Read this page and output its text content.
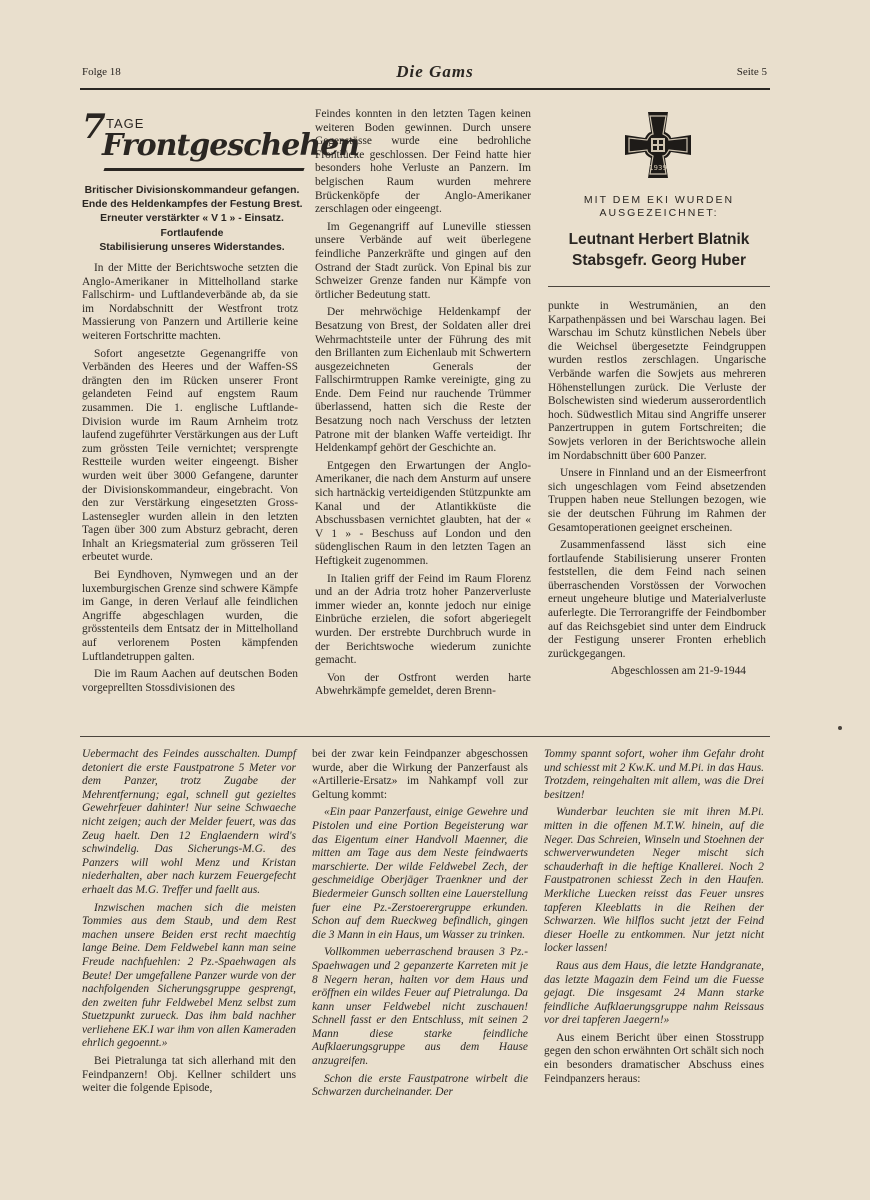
Folge 18	Die Gams	Seite 5
7 TAGE
Frontgeschehen
Britischer Divisionskommandeur gefangen.
Ende des Heldenkampfes der Festung Brest.
Erneuter verstärkter « V 1 » - Einsatz.
Fortlaufende
Stabilisierung unseres Widerstandes.

In der Mitte der Berichtswoche setzten die Anglo-Amerikaner in Mittelholland starke Fallschirm- und Luftlandeverbände ab, da sie im Nordabschnitt der Westfront trotz Massierung von Panzern und Artillerie keine weiteren Fortschritte machten.

Sofort angesetzte Gegenangriffe von Verbänden des Heeres und der Waffen-SS drängten den im Rücken unserer Front gelandeten Feind auf engstem Raum zusammen. Die 1. englische Luftlande-Division wurde im Raum Arnheim trotz laufend zugeführter Verstärkungen aus der Luft zum grössten Teile vernichtet; versprengte Restteile wurden weiter eingeengt. Bisher wurden weit über 3000 Gefangene, darunter der Divisionskommandeur, eingebracht. Von den zur Verstärkung eingesetzten Gross-Lastensegler wurden allein in den letzten Tagen über 300 zum Absturz gebracht, deren Inhalt an Kriegsmaterial zum grösseren Teil erbeutet wurde.

Bei Eyndhoven, Nymwegen und an der luxemburgischen Grenze sind schwere Kämpfe im Gange, in deren Verlauf alle feindlichen Angriffe abgeschlagen wurden, die grösstenteils dem Entsatz der in Mittelholland auf verlorenem Posten kämpfenden Luftlandetruppen galten.

Die im Raum Aachen auf deutschen Boden vorgeprellten Stossdivisionen des

Feindes konnten in den letzten Tagen keinen weiteren Boden gewinnen. Durch unsere Gegenstösse wurde eine bedrohliche Frontlücke geschlossen. Der Feind hatte hier besonders hohe Verluste an Panzern. Im belgischen Raum wurden mehrere Brückenköpfe der Anglo-Amerikaner zerschlagen oder eingeengt.

Im Gegenangriff auf Luneville stiessen unsere Verbände auf weit überlegene feindliche Panzerkräfte und gingen auf den Ostrand der Stadt zurück. Von Epinal bis zur Schweizer Grenze fanden nur Kämpfe von örtlicher Bedeutung statt.

Der mehrwöchige Heldenkampf der Besatzung von Brest, der Soldaten aller drei Wehrmachtsteile unter der Führung des mit den Brillanten zum Eichenlaub mit Schwertern ausgezeichneten Generals der Fallschirmtruppen Ramke vereinigte, ging zu Ende. Dem Feind nur rauchende Trümmer überlassend, hatten sich die Reste der Besatzung noch nach Verschuss der letzten Patrone mit der blanken Waffe verteidigt. Ihr Heldenkampf gehört der Geschichte an.

Entgegen den Erwartungen der Anglo-Amerikaner, die nach dem Ansturm auf unsere sich hartnäckig verteidigenden Stützpunkte am Kanal und der Atlantikküste die Abschussbasen vernichtet glaubten, hat der « V 1 » - Beschuss auf London und den südenglischen Raum in den letzten Tagen an Heftigkeit zugenommen.

In Italien griff der Feind im Raum Florenz und an der Adria trotz hoher Panzerverluste immer wieder an, konnte jedoch nur einige Einbrüche erzielen, die sofort abgeriegelt wurden. Der erstrebte Durchbruch wurde in der Berichtswoche wiederum zunichte gemacht.

Von der Ostfront werden harte Abwehrkämpfe gemeldet, deren Brenn-

1939
MIT DEM EKI WURDEN
AUSGEZEICHNET:
Leutnant Herbert Blatnik
Stabsgefr. Georg Huber

punkte in Westrumänien, an den Karpathenpässen und bei Warschau lagen. Bei Warschau im Schutz künstlichen Nebels über die Weichsel übergesetzte Feindgruppen wurden restlos zerschlagen. Ungarische Verbände warfen die Sowjets aus mehreren Höhenstellungen zurück. Die Verluste der Bolschewisten sind wiederum ausserordentlich hoch. Südwestlich Mitau sind Angriffe unserer Panzertruppen in gutem Fortschreiten; die Sowjets verloren in der Berichtswoche allein im Nordabschnitt über 600 Panzer.

Unsere in Finnland und an der Eismeerfront sich ungeschlagen vom Feind absetzenden Truppen haben neue Stellungen bezogen, wie sie der deutschen Führung im Rahmen der Gesamtoperationen geeignet erscheinen.

Zusammenfassend lässt sich eine fortlaufende Stabilisierung unserer Fronten feststellen, die dem Feind nach seinen überraschenden Vorstössen der Vorwochen erneut ungeheure blutige und Materialverluste auferlegte. Die Terrorangriffe der Feindbomber auf das Reichsgebiet sind unter dem Eindruck der Festigung unserer Fronten erheblich zurückgegangen.

Abgeschlossen am 21-9-1944

Uebermacht des Feindes ausschalten. Dumpf detoniert die erste Faustpatrone 5 Meter vor dem Panzer, trotz Zugabe der Mehrentfernung; egal, schnell gut gezieltes Gewehrfeuer dahinter! Nur seine Schwaeche nicht zeigen; auch der Melder feuert, was das Zeug haelt. Den 12 Englaendern wird's schwindelig. Das Sicherungs-M.G. des Panzers will wohl Menz und Kristan niederhalten, aber nach kurzem Feuergefecht erhaelt das M.G. Treffer und faellt aus.

Inzwischen machen sich die meisten Tommies aus dem Staub, und dem Rest machen unsere Beiden erst recht maechtig lange Beine. Dem Feldwebel kann man seine Freude nachfuehlen: 2 Pz.-Spaehwagen als Beute! Der umgefallene Panzer wurde von der nachfolgenden Sicherungsgruppe gesprengt, den zweiten fuhr Feldwebel Menz selbst zum Stuetzpunkt zurueck. Das ihm bald nachher verliehene EK.I war ihm von allen Kameraden ehrlich gegoennt.»

Bei Pietralunga tat sich allerhand mit den Feindpanzern! Obj. Kellner schildert uns weiter die folgende Episode,

bei der zwar kein Feindpanzer abgeschossen wurde, aber die Wirkung der Panzerfaust als «Artillerie-Ersatz» im Nahkampf voll zur Geltung kommt:

«Ein paar Panzerfaust, einige Gewehre und Pistolen und eine Portion Begeisterung war das Eigentum einer Handvoll Maenner, die mitten am Tage aus dem Neste feindwaerts marschierte. Der wilde Feldwebel Zech, der geschmeidige Oberjäger Traenkner und der Biedermeier Gunsch sollten eine Lauerstellung fuer eine Pz.-Zerstoerergruppe erkunden. Schon auf dem Rueckweg befindlich, gingen die 3 Mann in ein Haus, um Wasser zu trinken.

Vollkommen ueberraschend brausen 3 Pz.-Spaehwagen und 2 gepanzerte Karreten mit je 8 Negern heran, halten vor dem Haus und eröffnen ein wildes Feuer auf Pietralunga. Da kann unser Feldwebel nicht zuschauen! Schnell fasst er den Entschluss, mit seinen 2 Mann diese starke feindliche Aufklaerungsgruppe aus dem Hause anzugreifen.

Schon die erste Faustpatrone wirbelt die Schwarzen durcheinander. Der

Tommy spannt sofort, woher ihm Gefahr droht und schiesst mit 2 Kw.K. und M.Pi. in das Haus. Trotzdem, reingehalten mit allem, was die Drei besitzen!

Wunderbar leuchten sie mit ihren M.Pi. mitten in die offenen M.T.W. hinein, auf die Neger. Das Schreien, Winseln und Stoehnen der schwerverwundeten Neger mischt sich schauderhaft in die heftige Knallerei. Noch 2 Faustpatronen schiesst Zech in den Haufen. Merkliche Luecken reisst das Feuer unsres tapferen Kleeblatts in die Reihen der Schwarzen. Wie hilflos sucht jetzt der Feind dieser Hoelle zu entkommen. Nur jetzt nicht locker lassen!

Raus aus dem Haus, die letzte Handgranate, das letzte Magazin dem Feind um die Fuesse gejagt. Die insgesamt 24 Mann starke feindliche Aufklaerungsgruppe nahm Reissaus vor drei tapferen Jaegern!»

Aus einem Bericht über einen Stosstrupp gegen den schon erwähnten Ort schält sich noch ein besonders dramatischer Abschuss eines Feindpanzers heraus:
